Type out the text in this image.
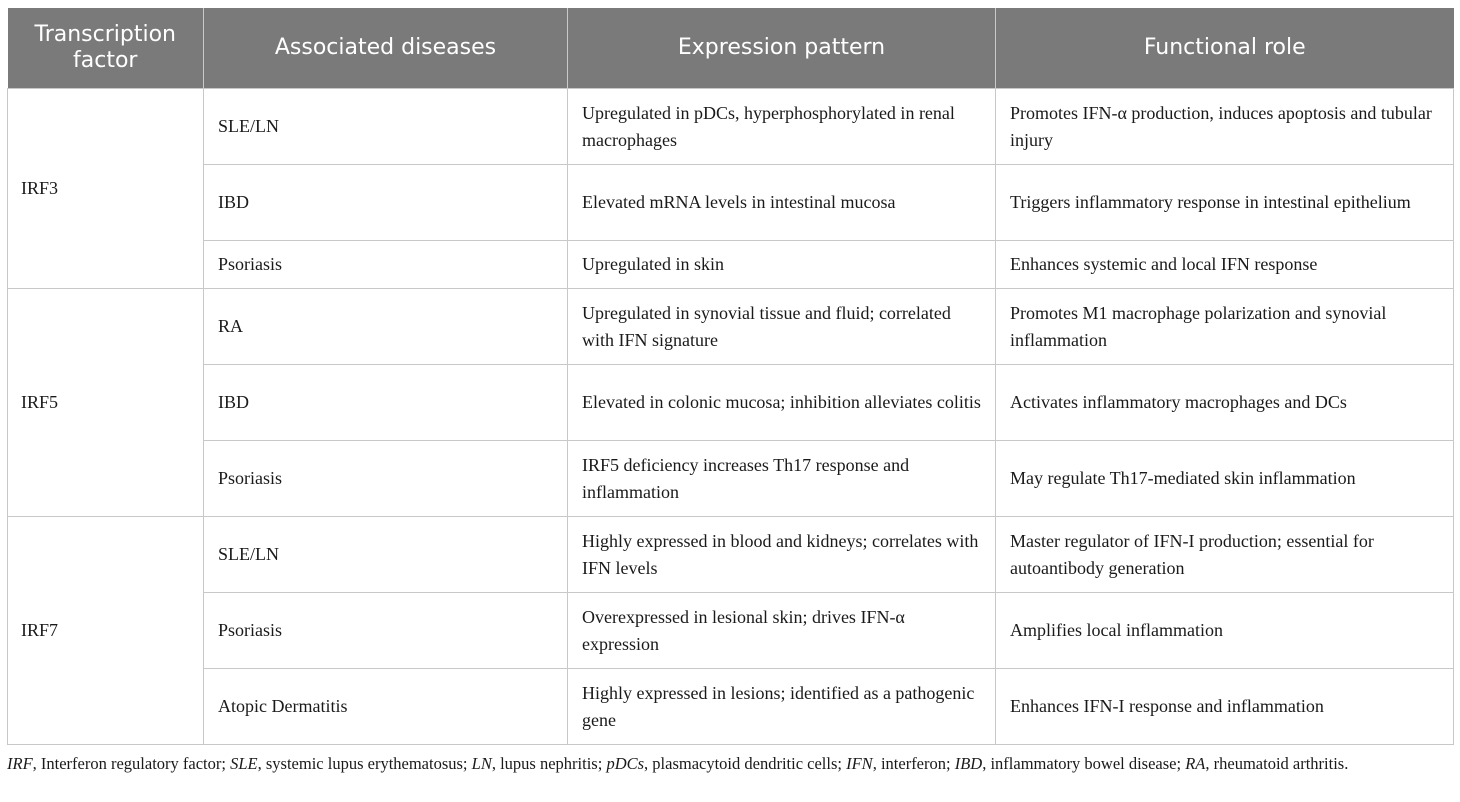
Transcription factor	Associated diseases	Expression pattern	Functional role
IRF3	SLE/LN	Upregulated in pDCs, hyperphosphorylated in renal macrophages	Promotes IFN-α production, induces apoptosis and tubular injury
	IBD	Elevated mRNA levels in intestinal mucosa	Triggers inflammatory response in intestinal epithelium
	Psoriasis	Upregulated in skin	Enhances systemic and local IFN response
IRF5	RA	Upregulated in synovial tissue and fluid; correlated with IFN signature	Promotes M1 macrophage polarization and synovial inflammation
	IBD	Elevated in colonic mucosa; inhibition alleviates colitis	Activates inflammatory macrophages and DCs
	Psoriasis	IRF5 deficiency increases Th17 response and inflammation	May regulate Th17-mediated skin inflammation
IRF7	SLE/LN	Highly expressed in blood and kidneys; correlates with IFN levels	Master regulator of IFN-I production; essential for autoantibody generation
	Psoriasis	Overexpressed in lesional skin; drives IFN-α expression	Amplifies local inflammation
	Atopic Dermatitis	Highly expressed in lesions; identified as a pathogenic gene	Enhances IFN-I response and inflammation
IRF, Interferon regulatory factor; SLE, systemic lupus erythematosus; LN, lupus nephritis; pDCs, plasmacytoid dendritic cells; IFN, interferon; IBD, inflammatory bowel disease; RA, rheumatoid arthritis.
